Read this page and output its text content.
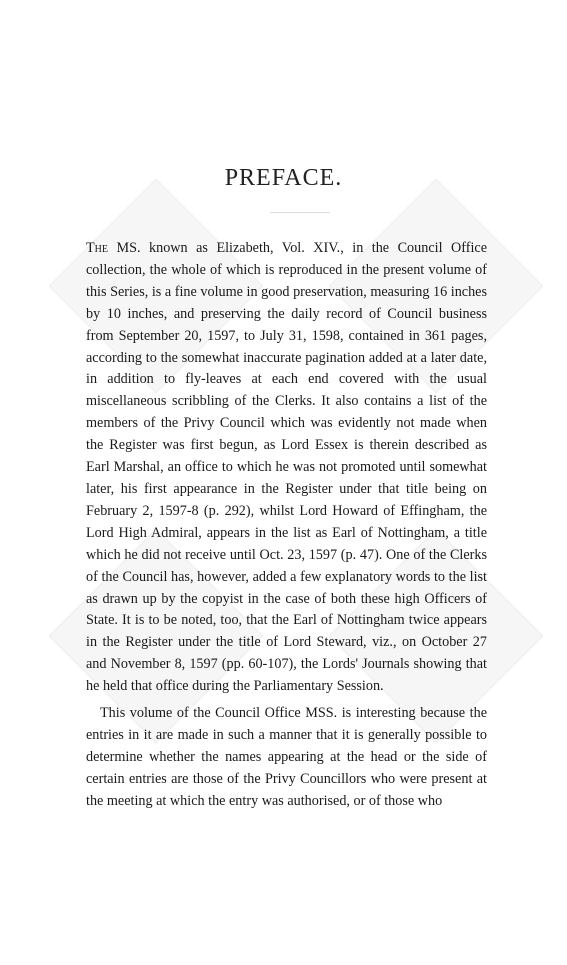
PREFACE.

The MS. known as Elizabeth, Vol. XIV., in the Council Office collection, the whole of which is reproduced in the present volume of this Series, is a fine volume in good preservation, measuring 16 inches by 10 inches, and preserving the daily record of Council business from September 20, 1597, to July 31, 1598, contained in 361 pages, according to the somewhat inaccurate pagination added at a later date, in addition to fly-leaves at each end covered with the usual miscellaneous scribbling of the Clerks. It also contains a list of the members of the Privy Council which was evidently not made when the Register was first begun, as Lord Essex is therein described as Earl Marshal, an office to which he was not promoted until somewhat later, his first appearance in the Register under that title being on February 2, 1597-8 (p. 292), whilst Lord Howard of Effingham, the Lord High Admiral, appears in the list as Earl of Nottingham, a title which he did not receive until Oct. 23, 1597 (p. 47). One of the Clerks of the Council has, however, added a few explanatory words to the list as drawn up by the copyist in the case of both these high Officers of State. It is to be noted, too, that the Earl of Nottingham twice appears in the Register under the title of Lord Steward, viz., on October 27 and November 8, 1597 (pp. 60-107), the Lords' Journals showing that he held that office during the Parliamentary Session.

This volume of the Council Office MSS. is interesting because the entries in it are made in such a manner that it is generally possible to determine whether the names appearing at the head or the side of certain entries are those of the Privy Councillors who were present at the meeting at which the entry was authorised, or of those who
